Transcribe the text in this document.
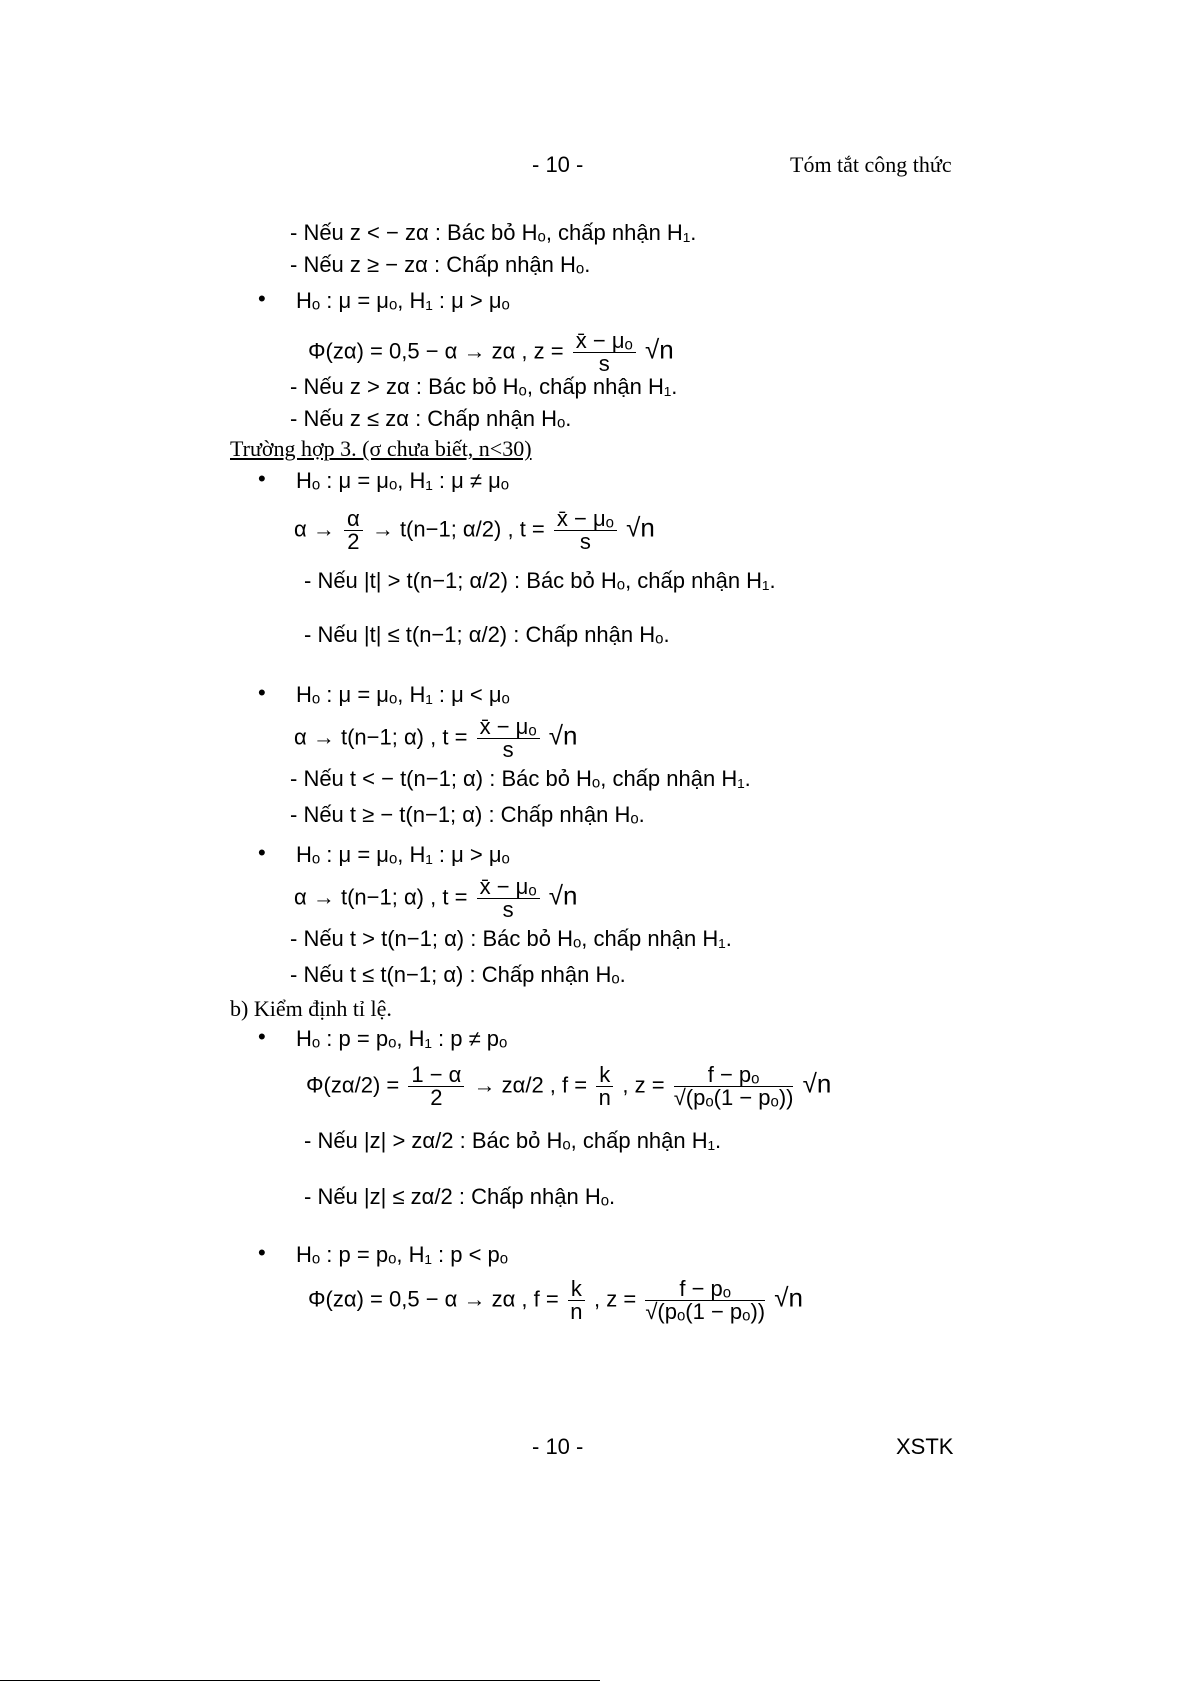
- 10 -	Tóm tắt công thức
- Nếu z < − zα : Bác bỏ Hₒ, chấp nhận H₁.
- Nếu z ≥ − zα : Chấp nhận Hₒ.
• Hₒ : μ = μₒ, H₁ : μ > μₒ
Φ(zα) = 0,5 − α → zα , $z = \frac{\text{x̄ − μₒ}}{s} √n$
- Nếu z > zα : Bác bỏ Hₒ, chấp nhận H₁.
- Nếu z ≤ zα : Chấp nhận Hₒ.
Trường hợp 3. (σ chưa biết, n<30)
• Hₒ : μ = μₒ, H₁ : μ ≠ μₒ
$\alpha \to \frac{\alpha}{2} \to t(n-1$; α/2) , $t = \frac{\text{x̄ − μₒ}}{s} √n$
- Nếu |t| > t(n−1; α/2) : Bác bỏ Hₒ, chấp nhận H₁.
- Nếu |t| ≤ t(n−1; α/2) : Chấp nhận Hₒ.
• Hₒ : μ = μₒ, H₁ : μ < μₒ
α → t(n−1; α) , $t = \frac{\text{x̄ − μₒ}}{s} √n$
- Nếu t < − t(n−1; α) : Bác bỏ Hₒ, chấp nhận H₁.
- Nếu t ≥ − t(n−1; α) : Chấp nhận Hₒ.
• Hₒ : μ = μₒ, H₁ : μ > μₒ
α → t(n−1; α) , $t = \frac{\text{x̄ − μₒ}}{s} √n$
- Nếu t > t(n−1; α) : Bác bỏ Hₒ, chấp nhận H₁.
- Nếu t ≤ t(n−1; α) : Chấp nhận Hₒ.
b) Kiểm định tỉ lệ.
• Hₒ : p = pₒ, H₁ : p ≠ pₒ
$\Phi(z\alpha/2) = \frac{1 - \alpha}{2} \to z\alpha/2$ , $f = \frac{k}{n}$ , $z = \frac{\text{f − pₒ}}{\text{√(pₒ(1 − pₒ))}} √n$
- Nếu |z| > zα/2 : Bác bỏ Hₒ, chấp nhận H₁.
- Nếu |z| ≤ zα/2 : Chấp nhận Hₒ.
• Hₒ : p = pₒ, H₁ : p < pₒ
Φ(zα) = 0,5 − α → zα , $f = \frac{k}{n}$ , $z = \frac{\text{f − pₒ}}{\text{√(pₒ(1 − pₒ))}} √n$
- 10 -	XSTK
